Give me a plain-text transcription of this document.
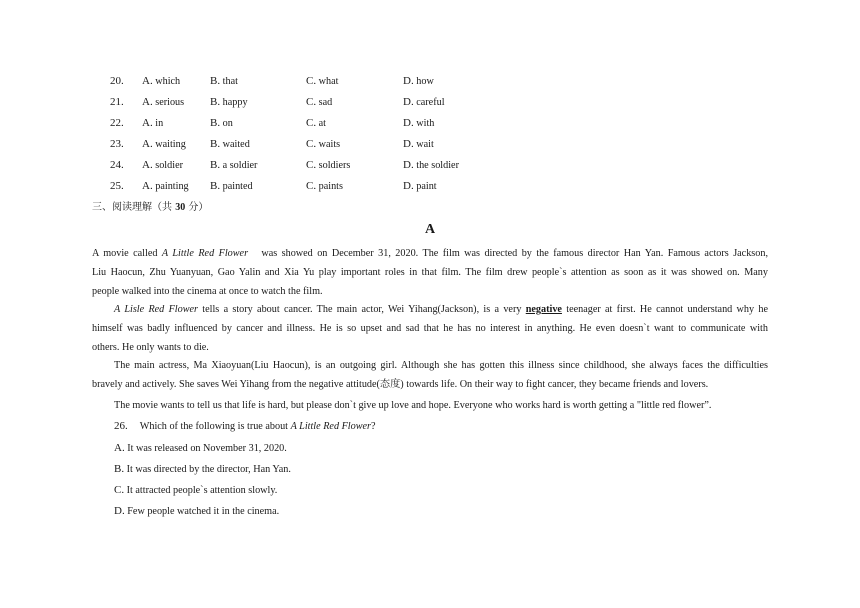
20. A. which	B. that	C. what	D. how
21. A. serious B. happy	C. sad	D. careful
22. A. in	B. on	C. at	D. with
23. A. waiting B. waited	C. waits	D. wait
24. A. soldier B. a soldier	C. soldiers	D. the soldier
25. A. painting B. painted	C. paints	D. paint
三、阅读理解（共 30 分）
A
A movie called A Little Red Flower   was showed on December 31, 2020. The film was directed by the famous director Han Yan. Famous actors Jackson,
Liu Haocun, Zhu Yuanyuan, Gao Yalin and Xia Yu play important roles in that film. The film drew people`s attention as soon as it was showed on. Many
people walked into the cinema at once to watch the film.
A Lisle Red Flower tells a story about cancer. The main actor, Wei Yihang(Jackson), is a very negative teenager at first. He cannot understand why he
himself was badly influenced by cancer and illness. He is so upset and sad that he has no interest in anything. He even doesn`t want to communicate with
others. He only wants to die.
The main actress, Ma Xiaoyuan(Liu Haocun), is an outgoing girl. Although she has gotten this illness since childhood, she always faces the difficulties
bravely and actively. She saves Wei Yihang from the negative attitude(态度) towards life. On their way to fight cancer, they became friends and lovers.
The movie wants to tell us that life is hard, but please don`t give up love and hope. Everyone who works hard is worth getting a "little red flower”.
26. Which of the following is true about A Little Red Flower?
A. It was released on November 31, 2020.
B. It was directed by the director, Han Yan.
C. It attracted people`s attention slowly.
D. Few people watched it in the cinema.
